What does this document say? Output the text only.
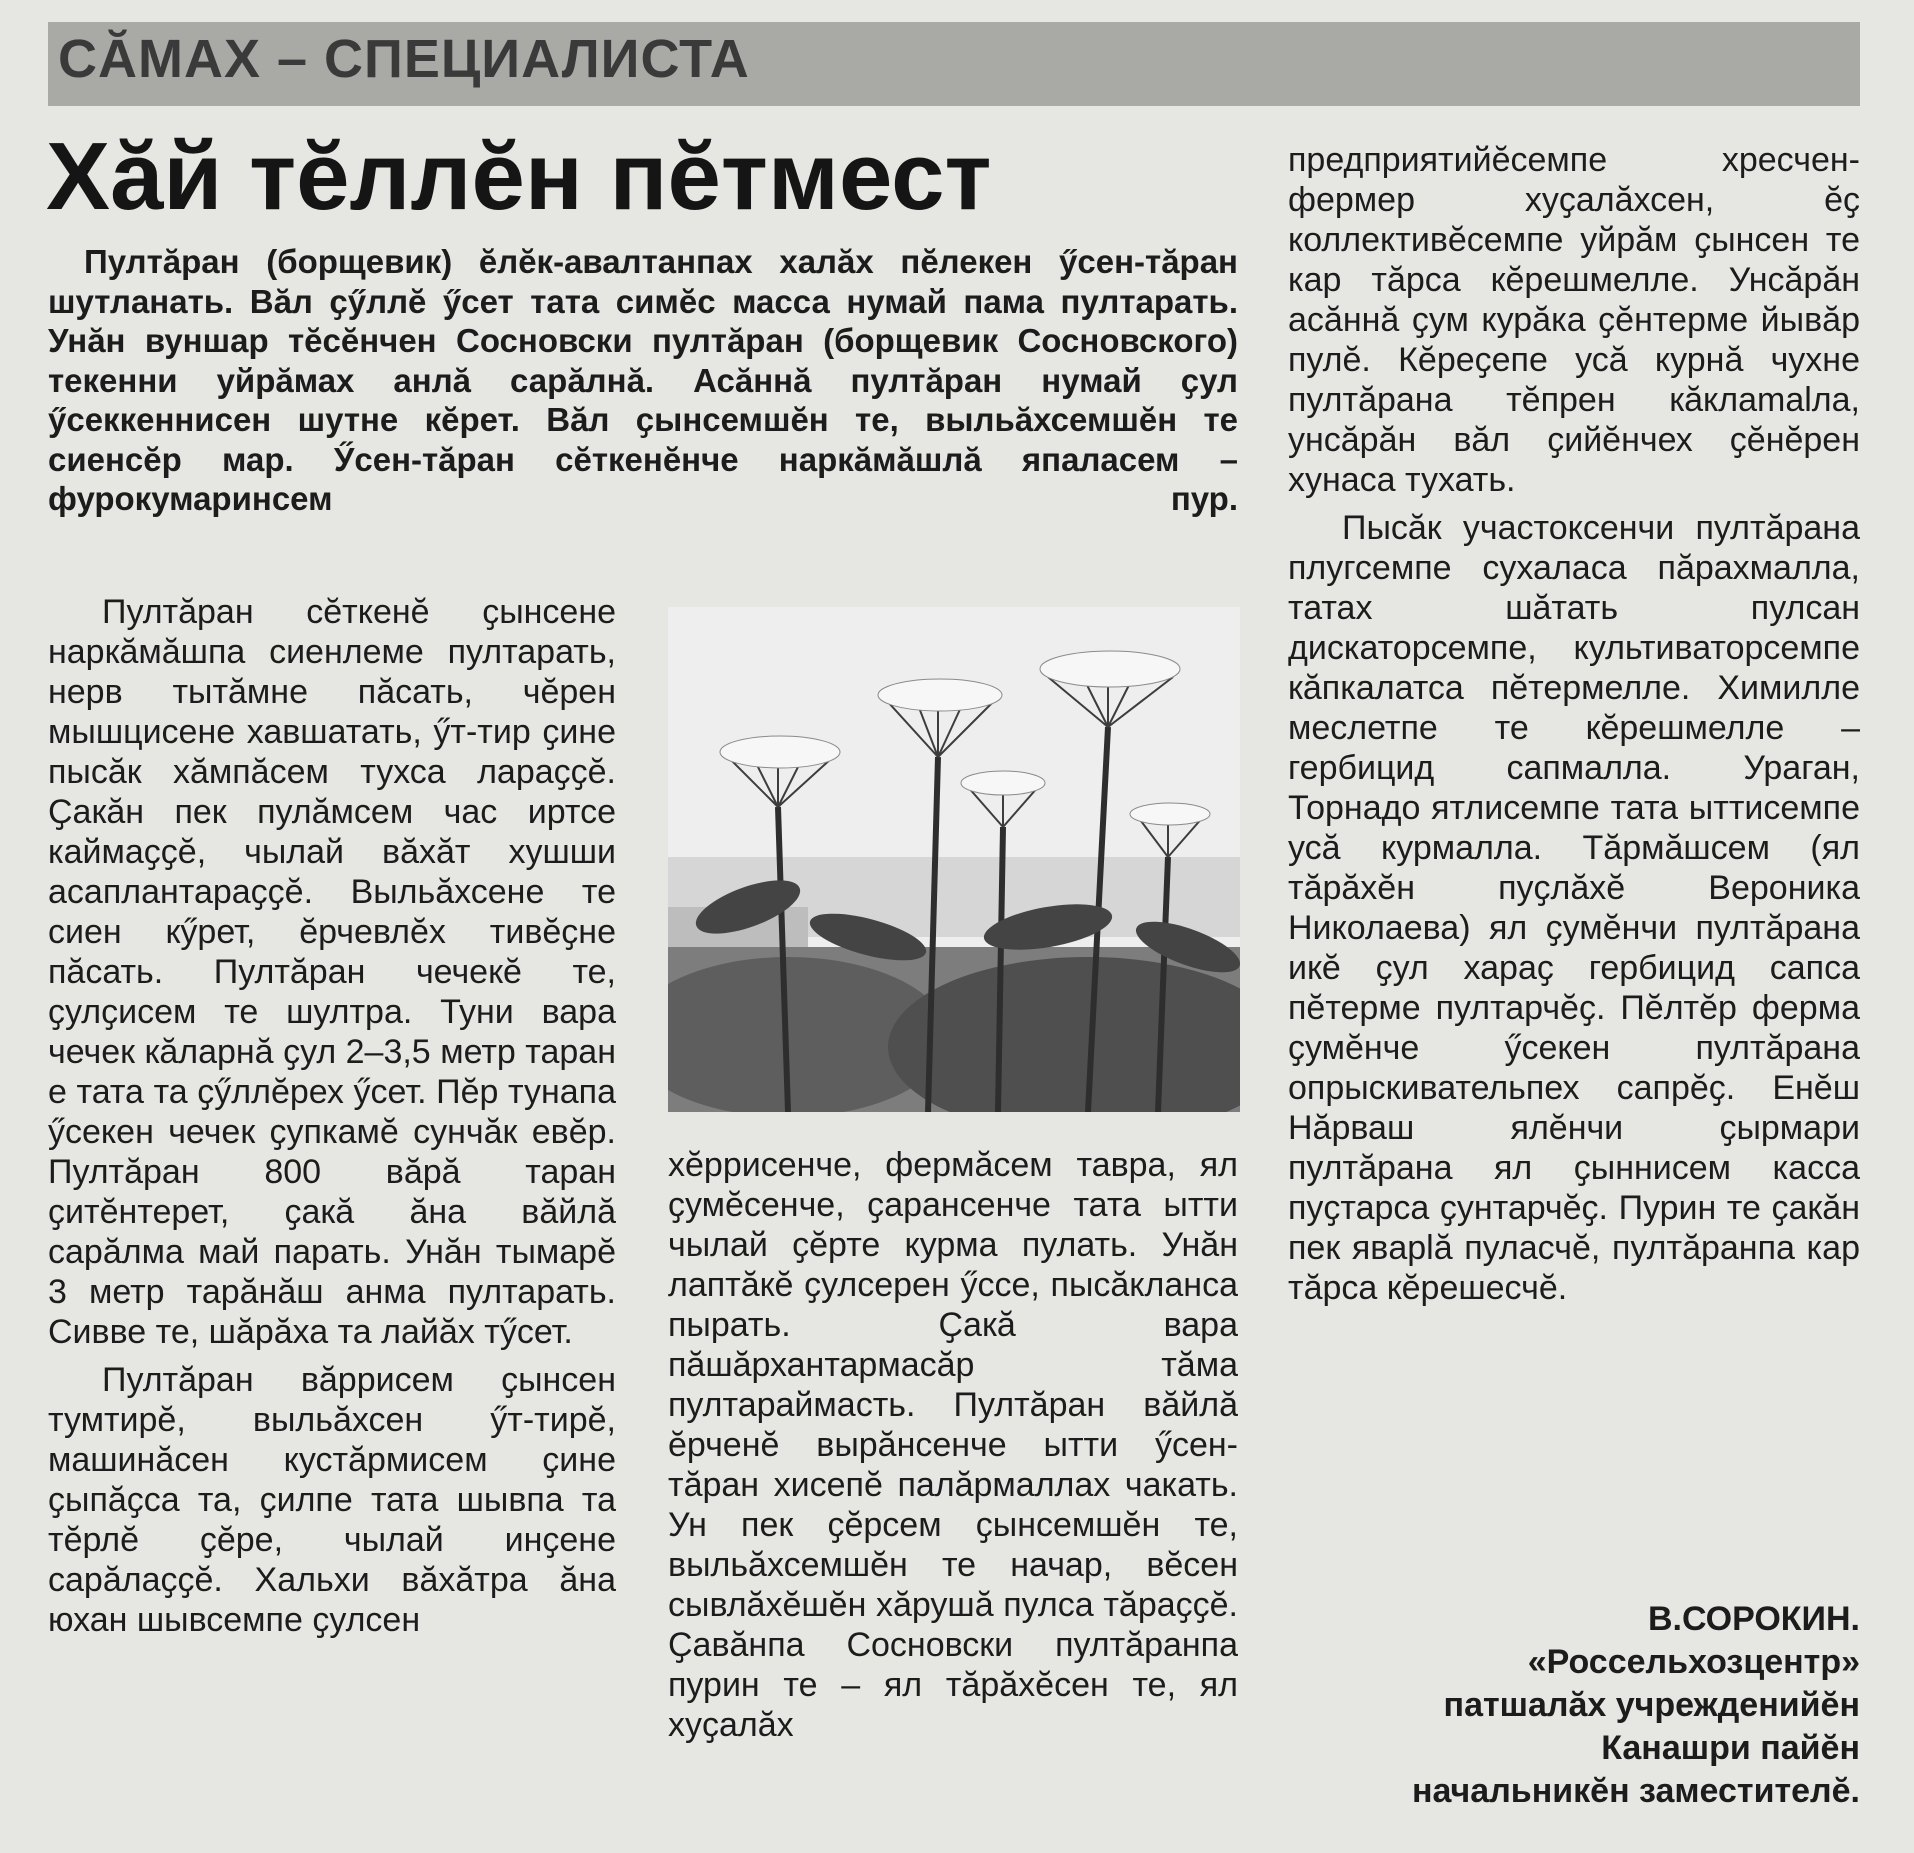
СӐМАХ – СПЕЦИАЛИСТА
Хӑй тӗллӗн пӗтмест

Пултӑран (борщевик) ӗлӗк-авалтанпах халӑх пӗлекен ӳсен-тӑран шутланать. Вӑл ҫӳллӗ ӳсет тата симӗс масса нумай пама пултарать. Унӑн вуншар тӗсӗнчен Сосновски пултӑран (борщевик Сосновского) текенни уйрӑмах анлӑ сарӑлнӑ. Асӑннӑ пултӑран нумай ҫул ӳсеккеннисен шутне кӗрет. Вӑл ҫынсемшӗн те, выльӑхсемшӗн те сиенсӗр мар. Ӳсен-тӑран сӗткенӗнче наркӑмӑшлӑ япаласем – фурокумаринсем пур.

Пултӑран сӗткенӗ ҫынсене наркӑмӑшпа сиенлеме пултарать, нерв тытӑмне пӑсать, чӗрен мышцисене хавшатать, ӳт-тир ҫине пысӑк хӑмпӑсем тухса лараҫҫӗ. Ҫакӑн пек пулӑмсем час иртсе каймаҫҫӗ, чылай вӑхӑт хушши асаплантараҫҫӗ. Выльӑхсене те сиен кӳрет, ӗрчевлӗх тивӗҫне пӑсать. Пултӑран чечекӗ те, ҫулҫисем те шултра. Туни вара чечек кӑларнӑ ҫул 2–3,5 метр таран е тата та ҫӳллӗрех ӳсет. Пӗр тунапа ӳсекен чечек ҫупкамӗ сунчӑк евӗр. Пултӑран 800 вӑрӑ таран ҫитӗнтерет, ҫакӑ ӑна вӑйлӑ сарӑлма май парать. Унӑн тымарӗ 3 метр тарӑнӑш анма пултарать. Сивве те, шӑрӑха та лайӑх тӳсет.

Пултӑран вӑррисем ҫынсен тумтирӗ, выльӑхсен ӳт-тирӗ, машинӑсен кустӑрмисем ҫине ҫыпӑҫса та, ҫилпе тата шывпа та тӗрлӗ ҫӗре, чылай инҫене сарӑлаҫҫӗ. Хальхи вӑхӑтра ӑна юхан шывсемпе ҫулсен

хӗррисенче, фермӑсем тавра, ял ҫумӗсенче, ҫарансенче тата ытти чылай ҫӗрте курма пулать. Унӑн лаптӑкӗ ҫулсерен ӳссе, пысӑкланса пырать. Ҫакӑ вара пӑшӑрхантармасӑр тӑма пултараймасть. Пултӑран вӑйлӑ ӗрченӗ вырӑнсенче ытти ӳсен-тӑран хисепӗ палӑрмаллах чакать. Ун пек ҫӗрсем ҫынсемшӗн те, выльӑхсемшӗн те начар, вӗсен сывлӑхӗшӗн хӑрушӑ пулса тӑраҫҫӗ. Ҫавӑнпа Сосновски пултӑранпа пурин те – ял тӑрӑхӗсен те, ял хуҫалӑх

предприятийӗсемпе хресчен-фермер хуҫалӑхсен, ӗҫ коллективӗсемпе уйрӑм ҫынсен те кар тӑрса кӗрешмелле. Унсӑрӑн асӑннӑ ҫум курӑка ҫӗнтерме йывӑр пулӗ. Кӗреҫепе усӑ курнӑ чухне пултӑрана тӗпрен кӑклamalла, унсӑрӑн вӑл ҫийӗнчех ҫӗнӗрен хунаса тухать.

Пысӑк участоксенчи пултӑрана плугсемпе сухаласа пӑрахмалла, татах шӑтать пулсан дискаторсемпе, культиваторсемпе кӑпкалатса пӗтермелле. Химилле меслетпе те кӗрешмелле – гербицид сапмалла. Ураган, Торнадо ятлисемпе тата ыттисемпе усӑ курмалла. Тӑрмӑшсем (ял тӑрӑхӗн пуҫлӑхӗ Вероника Николаева) ял ҫумӗнчи пултӑрана икӗ ҫул хараҫ гербицид сапса пӗтерме пултарчӗҫ. Пӗлтӗр ферма ҫумӗнче ӳсекен пултӑрана опрыскивательпех сапрӗҫ. Енӗш Нӑрваш ялӗнчи ҫырмари пултӑрана ял ҫыннисем касса пуҫтарса ҫунтарчӗҫ. Пурин те ҫакӑн пек явaplӑ пуласчӗ, пултӑранпа кар тӑрса кӗрешесчӗ.

В.СОРОКИН.
«Россельхозцентр»
патшалӑх учрежденийӗн
Канашри пайӗн
начальникӗн заместителӗ.
